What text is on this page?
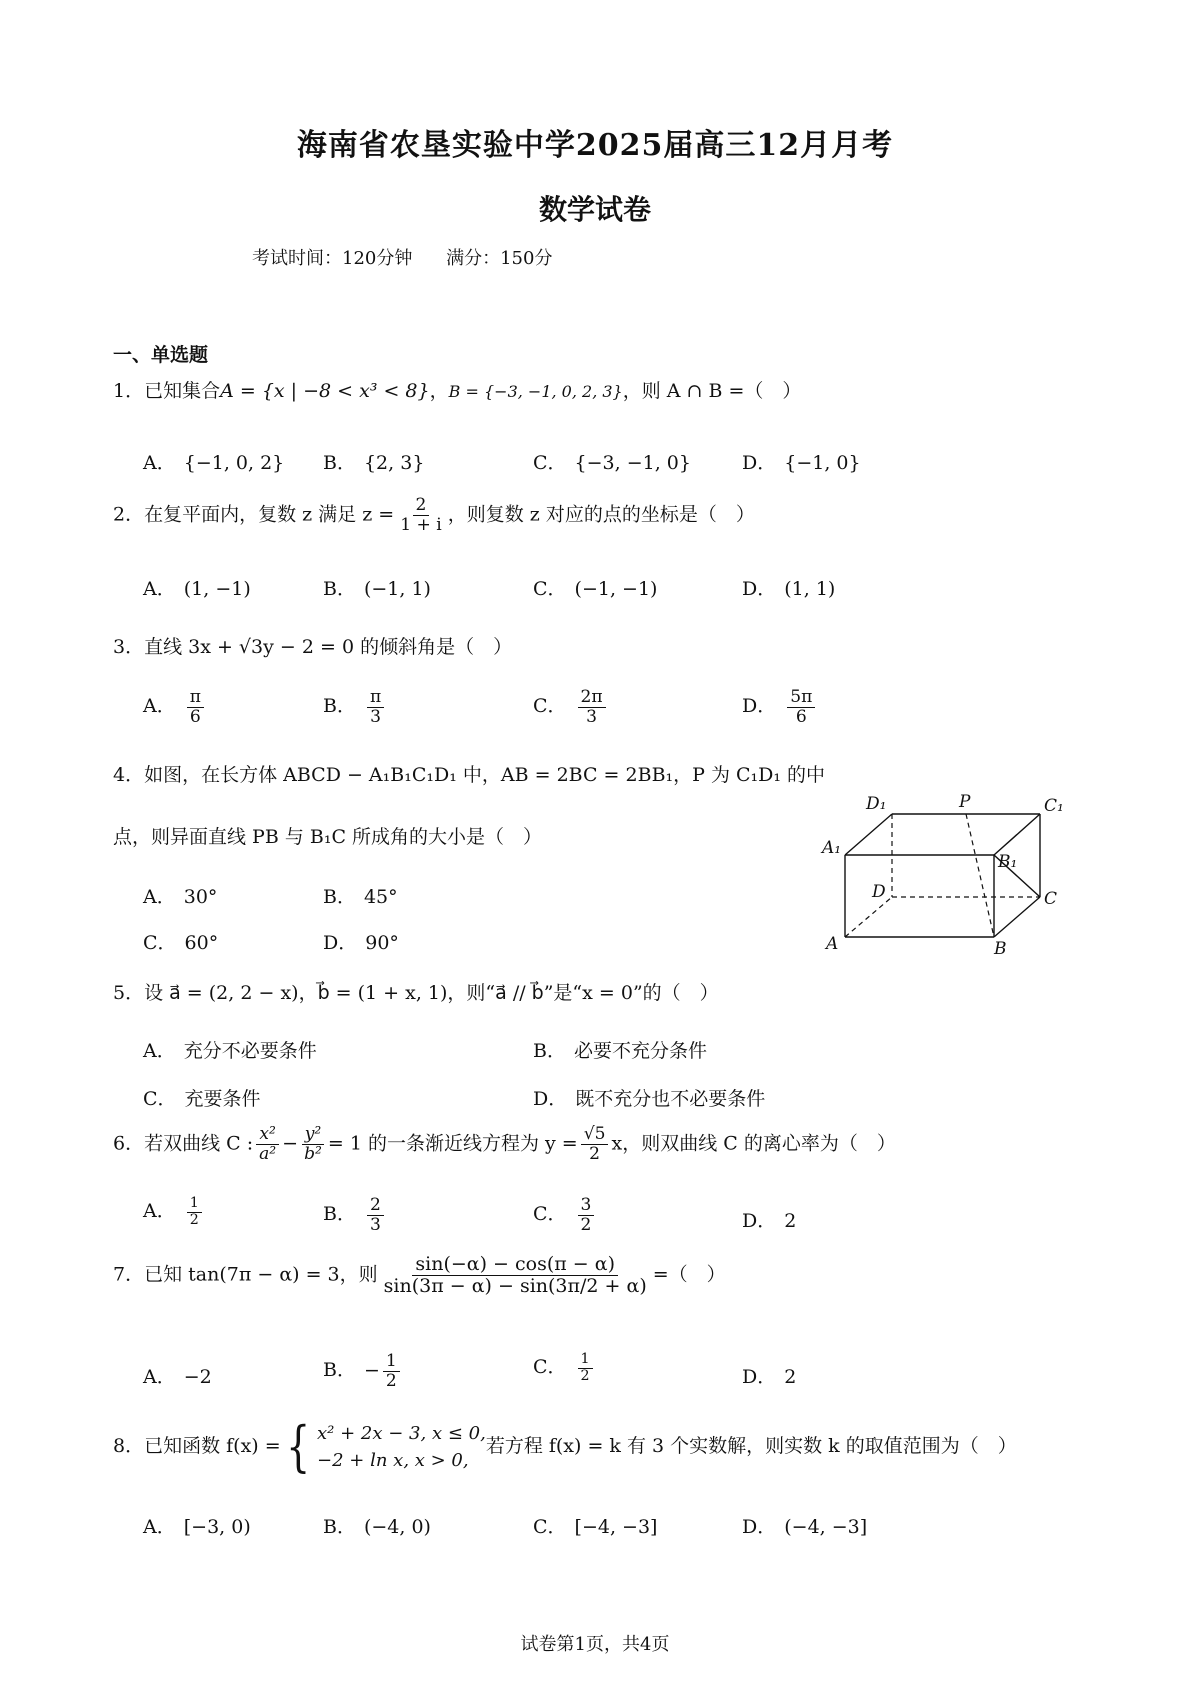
海南省农垦实验中学2025届高三12月月考
数学试卷
考试时间：120分钟 满分：150分
一、单选题
1．已知集合A = {x | −8 < x³ < 8}，B = {−3, −1, 0, 2, 3}，则 A ∩ B =（　）
A． {−1, 0, 2} B． {2, 3}	C． {−3, −1, 0}	D． {−1, 0}
2．在复平面内，复数 z 满足 $z = \frac{2}{1 + i}$ ，则复数 z 对应的点的坐标是（　）
A． (1, −1)	B． (−1, 1)	C． (−1, −1)	D． (1, 1)
3．直线 3x + √3y − 2 = 0 的倾斜角是（　）
A． $\frac{\pi}{6}$	B． $\frac{\pi}{3}$	C． $\frac{2\pi}{3}$	D． $\frac{5\pi}{6}$
4．如图，在长方体 ABCD − A₁B₁C₁D₁ 中，AB = 2BC = 2BB₁，P 为 C₁D₁ 的中
点，则异面直线 PB 与 B₁C 所成角的大小是（　）
A． 30°	B． 45°
C． 60°	D． 90°
D₁	P	C₁
A₁
B₁
D	C
A	B
5．设 a⃗ = (2, 2 − x)，b⃗ = (1 + x, 1)，则“a⃗ // b⃗”是“x = 0”的（　）
A． 充分不必要条件	B． 必要不充分条件
C． 充要条件	D． 既不充分也不必要条件
6．若双曲线 C : $\frac{\text{x²}}{\text{a²}} - \frac{\text{y²}}{\text{b²}} = 1$ 的一条渐近线方程为 $y = \frac{√5}{2}$ x，则双曲线 C 的离心率为（　）
A． $\frac{1}{2}$	B． $\frac{2}{3}$	C． $\frac{3}{2}$	D． 2
7．已知 tan(7π − α) = 3，则 $\frac{\sin(-\alpha) - \cos(\pi - \alpha)}{\sin(3\pi - \alpha) - \sin(3\pi/2 + \alpha)}$ =（　）
A． −2	B． − $\frac{1}{2}$	C． $\frac{1}{2}$	D． 2
8．已知函数 f(x) = { x² + 2x − 3, x ≤ 0,
−2 + ln x, x > 0,
若方程 f(x) = k 有 3 个实数解，则实数 k 的取值范围为（　）
A． [−3, 0)	B． (−4, 0)	C． [−4, −3]	D． (−4, −3]
试卷第1页，共4页
